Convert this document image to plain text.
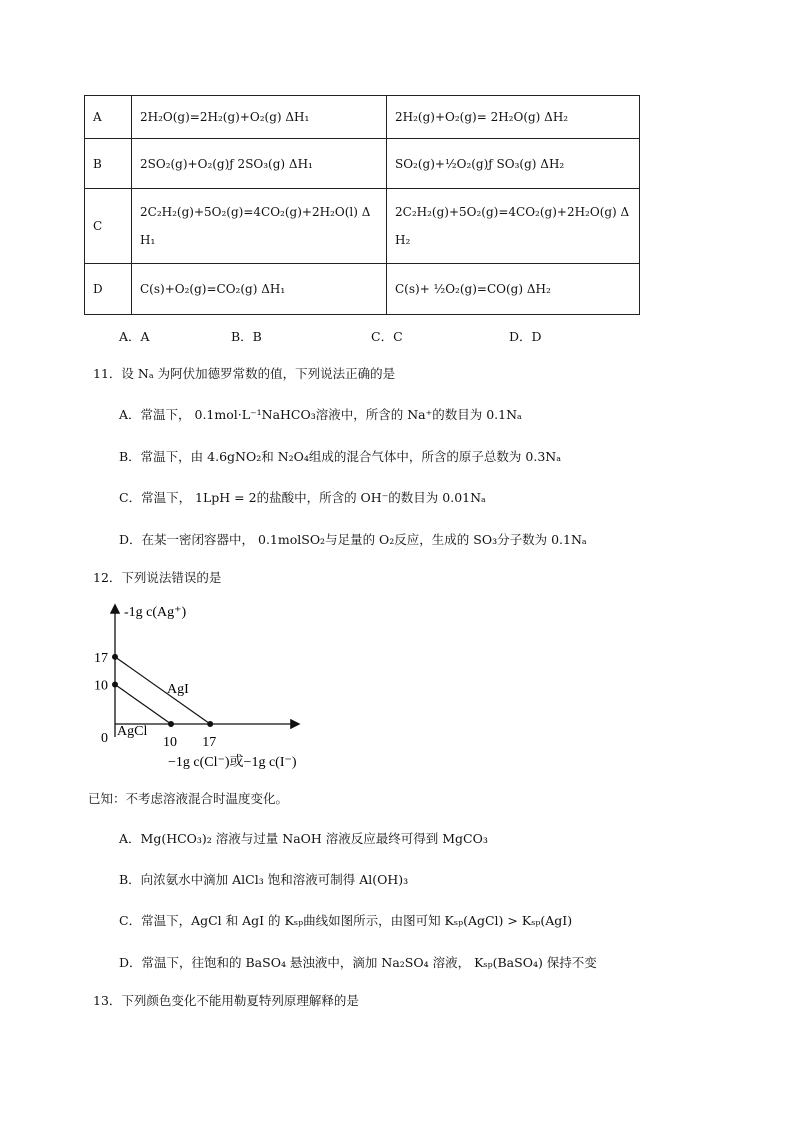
A	2H₂O(g)=2H₂(g)+O₂(g) ΔH₁	2H₂(g)+O₂(g)= 2H₂O(g) ΔH₂
B	2SO₂(g)+O₂(g)ƒ 2SO₃(g) ΔH₁	SO₂(g)+½O₂(g)ƒ SO₃(g) ΔH₂
C	2C₂H₂(g)+5O₂(g)=4CO₂(g)+2H₂O(l) ΔH₁	2C₂H₂(g)+5O₂(g)=4CO₂(g)+2H₂O(g) ΔH₂
D	C(s)+O₂(g)=CO₂(g) ΔH₁	C(s)+ ½O₂(g)=CO(g) ΔH₂
A．A	B．B	C．C	D．D
11．设 Nₐ 为阿伏加德罗常数的值，下列说法正确的是
A．常温下， 0.1mol·L⁻¹NaHCO₃溶液中，所含的 Na⁺的数目为 0.1Nₐ
B．常温下，由 4.6gNO₂和 N₂O₄组成的混合气体中，所含的原子总数为 0.3Nₐ
C．常温下， 1LpH = 2的盐酸中，所含的 OH⁻的数目为 0.01Nₐ
D．在某一密闭容器中， 0.1molSO₂与足量的 O₂反应，生成的 SO₃分子数为 0.1Nₐ
12．下列说法错误的是
-1g c(Ag⁺)
−1g c(Cl⁻)或−1g c(I⁻)
0
17
10
10 17
AgCl
AgI
已知：不考虑溶液混合时温度变化。
A．Mg(HCO₃)₂ 溶液与过量 NaOH 溶液反应最终可得到 MgCO₃
B．向浓氨水中滴加 AlCl₃ 饱和溶液可制得 Al(OH)₃
C．常温下，AgCl 和 AgI 的 Kₛₚ曲线如图所示，由图可知 Kₛₚ(AgCl) > Kₛₚ(AgI)
D．常温下，往饱和的 BaSO₄ 悬浊液中，滴加 Na₂SO₄ 溶液， Kₛₚ(BaSO₄) 保持不变
13．下列颜色变化不能用勒夏特列原理解释的是
